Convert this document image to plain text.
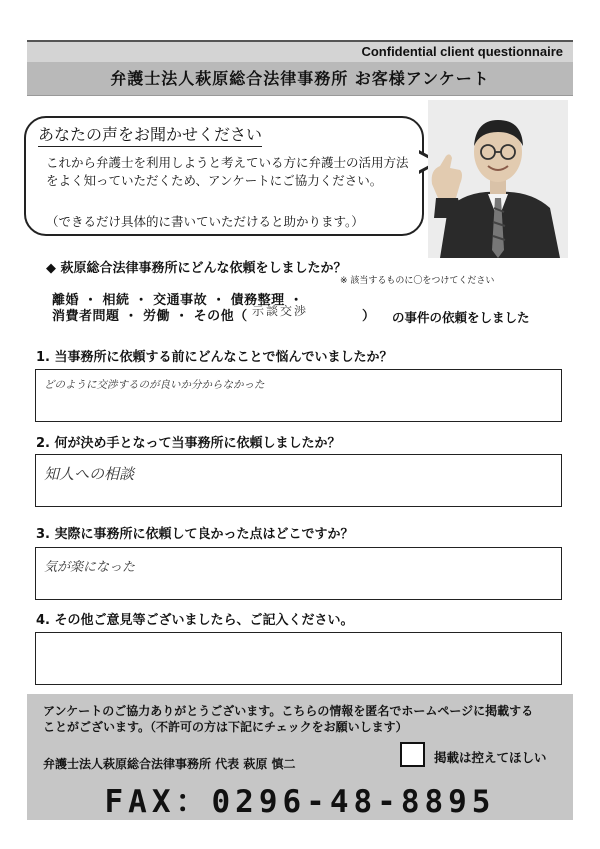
Confidential client questionnaire
弁護士法人萩原総合法律事務所 お客様アンケート
あなたの声をお聞かせください
これから弁護士を利用しようと考えている方に弁護士の活用方法をよく知っていただくため、アンケートにご協力ください。
（できるだけ具体的に書いていただけると助かります。）
◆ 萩原総合法律事務所にどんな依頼をしましたか？
※ 該当するものに〇をつけてください
離婚 ・ 相続 ・ 交通事故 ・ 債務整理 ・
消費者問題 ・ 労働 ・ その他（ 示談交渉	） の事件の依頼をしました
1. 当事務所に依頼する前にどんなことで悩んでいましたか？
どのように交渉するのが良いか分からなかった
2. 何が決め手となって当事務所に依頼しましたか？
知人への相談
3. 実際に事務所に依頼して良かった点はどこですか？
気が楽になった
4. その他ご意見等ございましたら、ご記入ください。
アンケートのご協力ありがとうございます。こちらの情報を匿名でホームページに掲載する
ことがございます。（不許可の方は下記にチェックをお願いします）
弁護士法人萩原総合法律事務所 代表 萩原 慎二	掲載は控えてほしい
FAX：0296-48-8895
